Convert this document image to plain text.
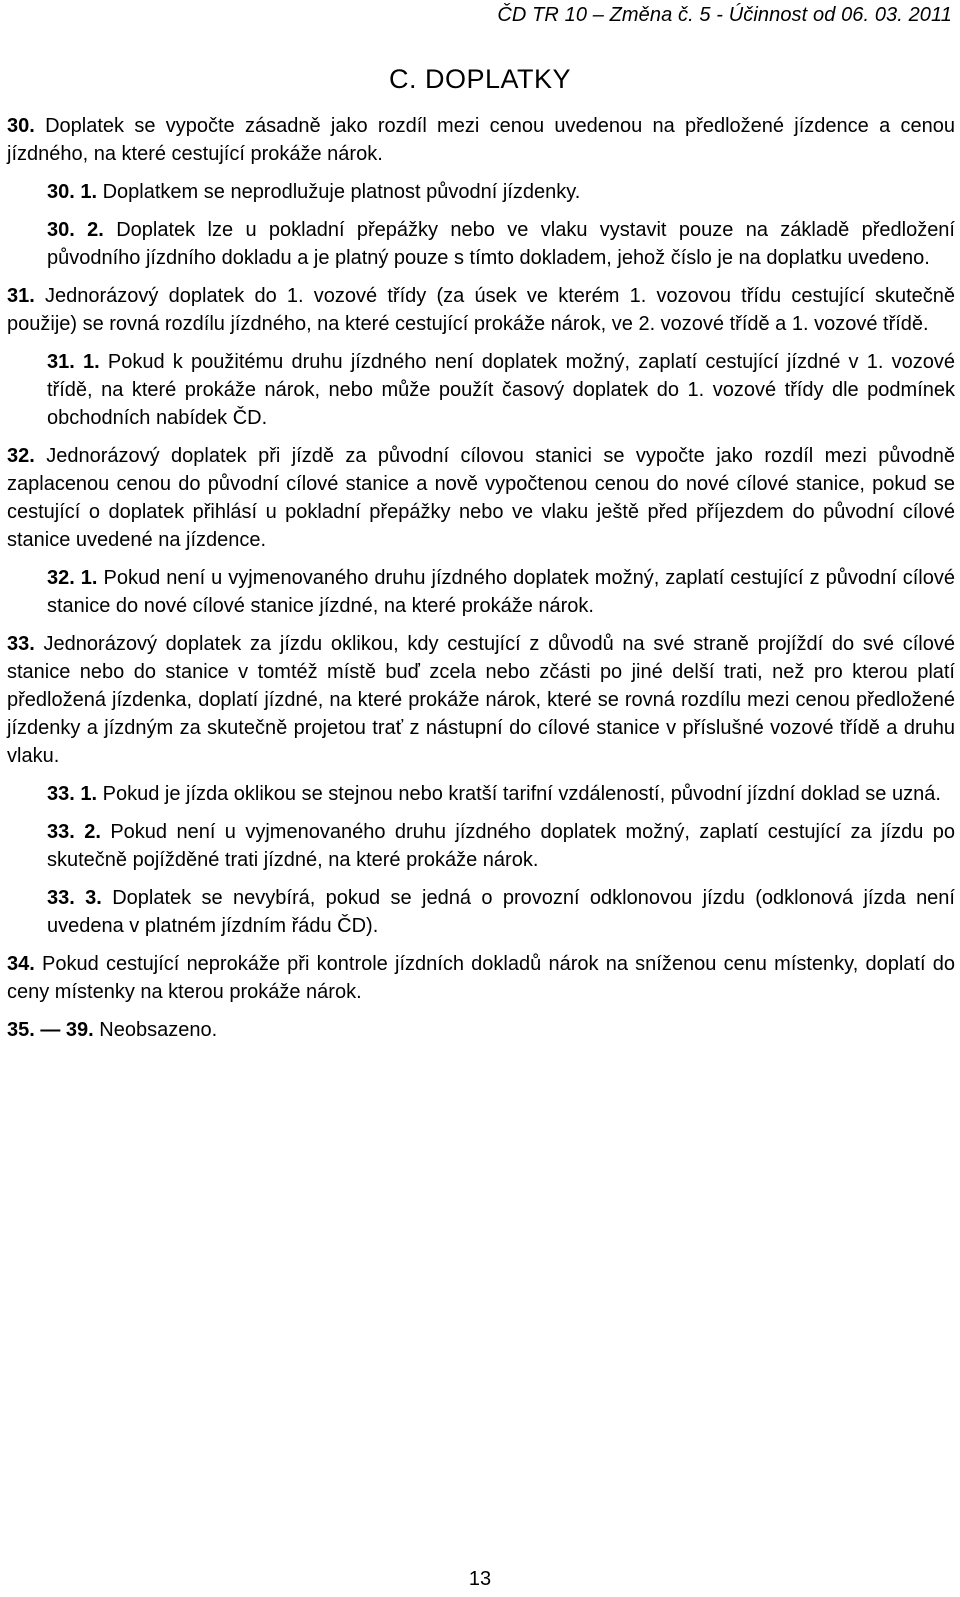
ČD TR 10 – Změna č. 5 - Účinnost od 06. 03. 2011
C. DOPLATKY

30. Doplatek se vypočte zásadně jako rozdíl mezi cenou uvedenou na předložené jízdence a cenou jízdného, na které cestující prokáže nárok.

30. 1. Doplatkem se neprodlužuje platnost původní jízdenky.

30. 2. Doplatek lze u pokladní přepážky nebo ve vlaku vystavit pouze na základě předložení původního jízdního dokladu a je platný pouze s tímto dokladem, jehož číslo je na doplatku uvedeno.

31. Jednorázový doplatek do 1. vozové třídy (za úsek ve kterém 1. vozovou třídu cestující skutečně použije) se rovná rozdílu jízdného, na které cestující prokáže nárok, ve 2. vozové třídě a 1. vozové třídě.

31. 1. Pokud k použitému druhu jízdného není doplatek možný, zaplatí cestující jízdné v 1. vozové třídě, na které prokáže nárok, nebo může použít časový doplatek do 1. vozové třídy dle podmínek obchodních nabídek ČD.

32. Jednorázový doplatek při jízdě za původní cílovou stanici se vypočte jako rozdíl mezi původně zaplacenou cenou do původní cílové stanice a nově vypočtenou cenou do nové cílové stanice, pokud se cestující o doplatek přihlásí u pokladní přepážky nebo ve vlaku ještě před příjezdem do původní cílové stanice uvedené na jízdence.

32. 1. Pokud není u vyjmenovaného druhu jízdného doplatek možný, zaplatí cestující z původní cílové stanice do nové cílové stanice jízdné, na které prokáže nárok.

33. Jednorázový doplatek za jízdu oklikou, kdy cestující z důvodů na své straně projíždí do své cílové stanice nebo do stanice v tomtéž místě buď zcela nebo zčásti po jiné delší trati, než pro kterou platí předložená jízdenka, doplatí jízdné, na které prokáže nárok, které se rovná rozdílu mezi cenou předložené jízdenky a jízdným za skutečně projetou trať z nástupní do cílové stanice v příslušné vozové třídě a druhu vlaku.

33. 1. Pokud je jízda oklikou se stejnou nebo kratší tarifní vzdáleností, původní jízdní doklad se uzná.

33. 2. Pokud není u vyjmenovaného druhu jízdného doplatek možný, zaplatí cestující za jízdu po skutečně pojížděné trati jízdné, na které prokáže nárok.

33. 3. Doplatek se nevybírá, pokud se jedná o provozní odklonovou jízdu (odklonová jízda není uvedena v platném jízdním řádu ČD).

34. Pokud cestující neprokáže při kontrole jízdních dokladů nárok na sníženou cenu místenky, doplatí do ceny místenky na kterou prokáže nárok.

35. — 39. Neobsazeno.

13
